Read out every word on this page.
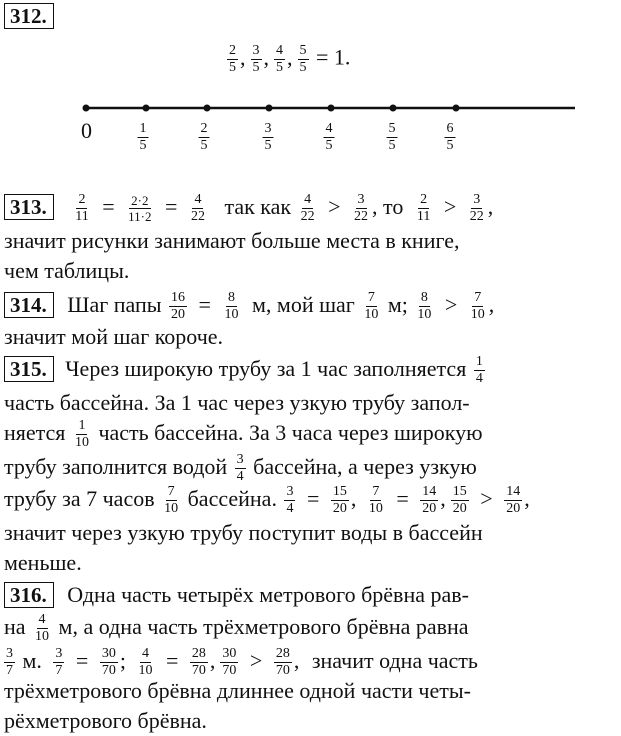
312.
$\frac{2}{5}$ , $\frac{3}{5}$ , $\frac{4}{5}$ , $\frac{5}{5} = 1$.
0	$\frac{1}{5}$	$\frac{2}{5}$	$\frac{3}{5}$	$\frac{4}{5}$	$\frac{5}{5}$	$\frac{6}{5}$
313. $\frac{2}{11} = \frac{2\cdot 2}{11\cdot 2} = \frac{4}{22}$ так как $\frac{4}{22} > \frac{3}{22}$ , то $\frac{2}{11} > \frac{3}{22}$ ,
значит рисунки занимают больше места в книге,
чем таблицы.
314. Шаг папы $\frac{16}{20} = \frac{8}{10} м$, мой шаг $\frac{7}{10} м$; $\frac{8}{10} > \frac{7}{10}$ ,
значит мой шаг короче.
315. Через широкую трубу за 1 час заполняется $\frac{1}{4}$
часть бассейна. За 1 час через узкую трубу запол-
няется $\frac{1}{10}$ часть бассейна. За 3 часа через широкую
трубу заполнится водой $\frac{3}{4}$ бассейна, а через узкую
трубу за 7 часов $\frac{7}{10}$ бассейна. $\frac{3}{4} = \frac{15}{20}$ , $\frac{7}{10} = \frac{14}{20}$ , $\frac{15}{20} > \frac{14}{20}$ ,
значит через узкую трубу поступит воды в бассейн
меньше.
316. Одна часть четырёх метрового брёвна рав-
на $\frac{4}{10} м$, а одна часть трёхметрового брёвна равна
$\frac{3}{7} м$. $\frac{3}{7} = \frac{30}{70}$ ; $\frac{4}{10} = \frac{28}{70}$ , $\frac{30}{70} > \frac{28}{70}$ , значит одна часть
трёхметрового брёвна длиннее одной части четы-
рёхметрового брёвна.
